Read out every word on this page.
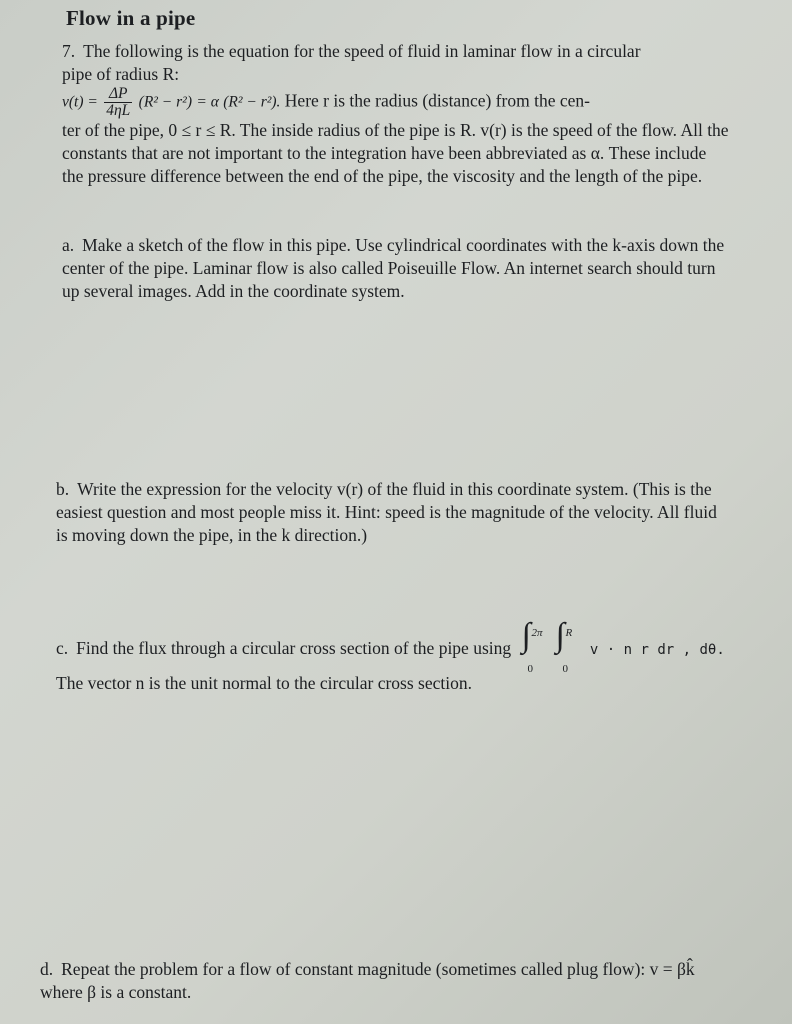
Flow in a pipe
7. The following is the equation for the speed of fluid in laminar flow in a circular
pipe of radius R:
$v(t) = \frac{\Delta P}{4\eta L} (R^2 - r^2) = \alpha$ (R² − r²). Here r is the radius (distance) from the cen-
ter of the pipe, 0 ≤ r ≤ R. The inside radius of the pipe is R. v(r) is the speed of the flow. All the constants that are not important to the integration have been abbreviated as α. These include the pressure difference between the end of the pipe, the viscosity and the length of the pipe.
a. Make a sketch of the flow in this pipe. Use cylindrical coordinates with the k-axis down the center of the pipe. Laminar flow is also called Poiseuille Flow. An internet search should turn up several images. Add in the coordinate system.
b. Write the expression for the velocity v(r) of the fluid in this coordinate system. (This is the easiest question and most people miss it. Hint: speed is the magnitude of the velocity. All fluid is moving down the pipe, in the k direction.)
c. Find the flux through a circular cross section of the pipe using ∫ 2π
0
∫ R
0
v · n r dr , dθ.
The vector n is the unit normal to the circular cross section.
d. Repeat the problem for a flow of constant magnitude (sometimes called plug flow): v = βk̂ where β is a constant.
